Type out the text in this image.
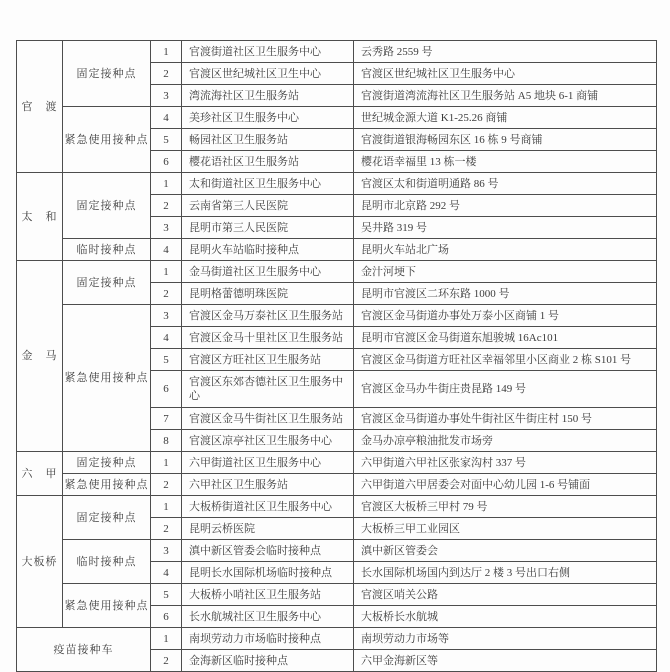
官　渡	固定接种点	1	官渡街道社区卫生服务中心	云秀路 2559 号
		2	官渡区世纪城社区卫生中心	官渡区世纪城社区卫生服务中心
		3	湾流海社区卫生服务站	官渡街道湾流海社区卫生服务站 A5 地块 6-1 商铺
	紧急使用接种点	4	美珍社区卫生服务中心	世纪城金源大道 K1-25.26 商铺
		5	畅园社区卫生服务站	官渡街道银海畅园东区 16 栋 9 号商铺
		6	樱花语社区卫生服务站	樱花语幸福里 13 栋一楼
太　和	固定接种点	1	太和街道社区卫生服务中心	官渡区太和街道明通路 86 号
		2	云南省第三人民医院	昆明市北京路 292 号
		3	昆明市第三人民医院	吴井路 319 号
	临时接种点	4	昆明火车站临时接种点	昆明火车站北广场
金　马	固定接种点	1	金马街道社区卫生服务中心	金汁河埂下
		2	昆明格蕾德明珠医院	昆明市官渡区二环东路 1000 号
	紧急使用接种点	3	官渡区金马万泰社区卫生服务站	官渡区金马街道办事处万泰小区商铺 1 号
		4	官渡区金马十里社区卫生服务站	昆明市官渡区金马街道东旭骏城 16Ac101
		5	官渡区方旺社区卫生服务站	官渡区金马街道方旺社区幸福邻里小区商业 2 栋 S101 号
		6	官渡区东郊杏德社区卫生服务中心	官渡区金马办牛街庄贵昆路 149 号
		7	官渡区金马牛街社区卫生服务站	官渡区金马街道办事处牛街社区牛街庄村 150 号
		8	官渡区凉亭社区卫生服务中心	金马办凉亭粮油批发市场旁
六　甲	固定接种点	1	六甲街道社区卫生服务中心	六甲街道六甲社区张家沟村 337 号
	紧急使用接种点	2	六甲社区卫生服务站	六甲街道六甲居委会对面中心幼儿园 1-6 号铺面
大板桥	固定接种点	1	大板桥街道社区卫生服务中心	官渡区大板桥三甲村 79 号
		2	昆明云桥医院	大板桥三甲工业园区
	临时接种点	3	滇中新区管委会临时接种点	滇中新区管委会
		4	昆明长水国际机场临时接种点	长水国际机场国内到达厅 2 楼 3 号出口右侧
	紧急使用接种点	5	大板桥小哨社区卫生服务站	官渡区哨关公路
		6	长水航城社区卫生服务中心	大板桥长水航城
疫苗接种车		1	南坝劳动力市场临时接种点	南坝劳动力市场等
		2	金海新区临时接种点	六甲金海新区等
